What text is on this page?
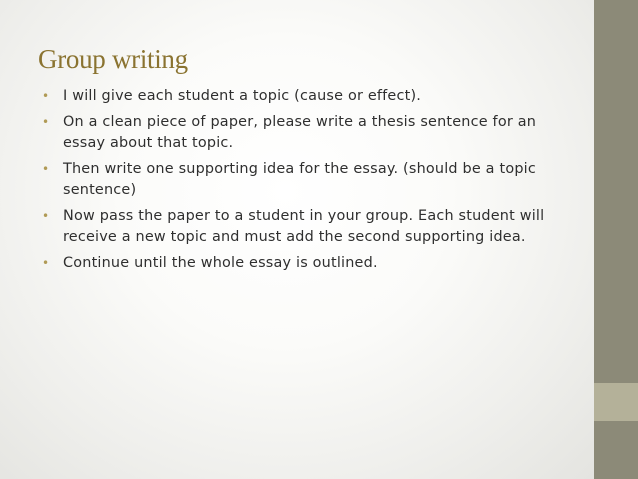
Group writing
• I will give each student a topic (cause or effect).
• On a clean piece of paper, please write a thesis sentence for an essay about that topic.
• Then write one supporting idea for the essay. (should be a topic sentence)
• Now pass the paper to a student in your group. Each student will receive a new topic and must add the second supporting idea.
• Continue until the whole essay is outlined.
